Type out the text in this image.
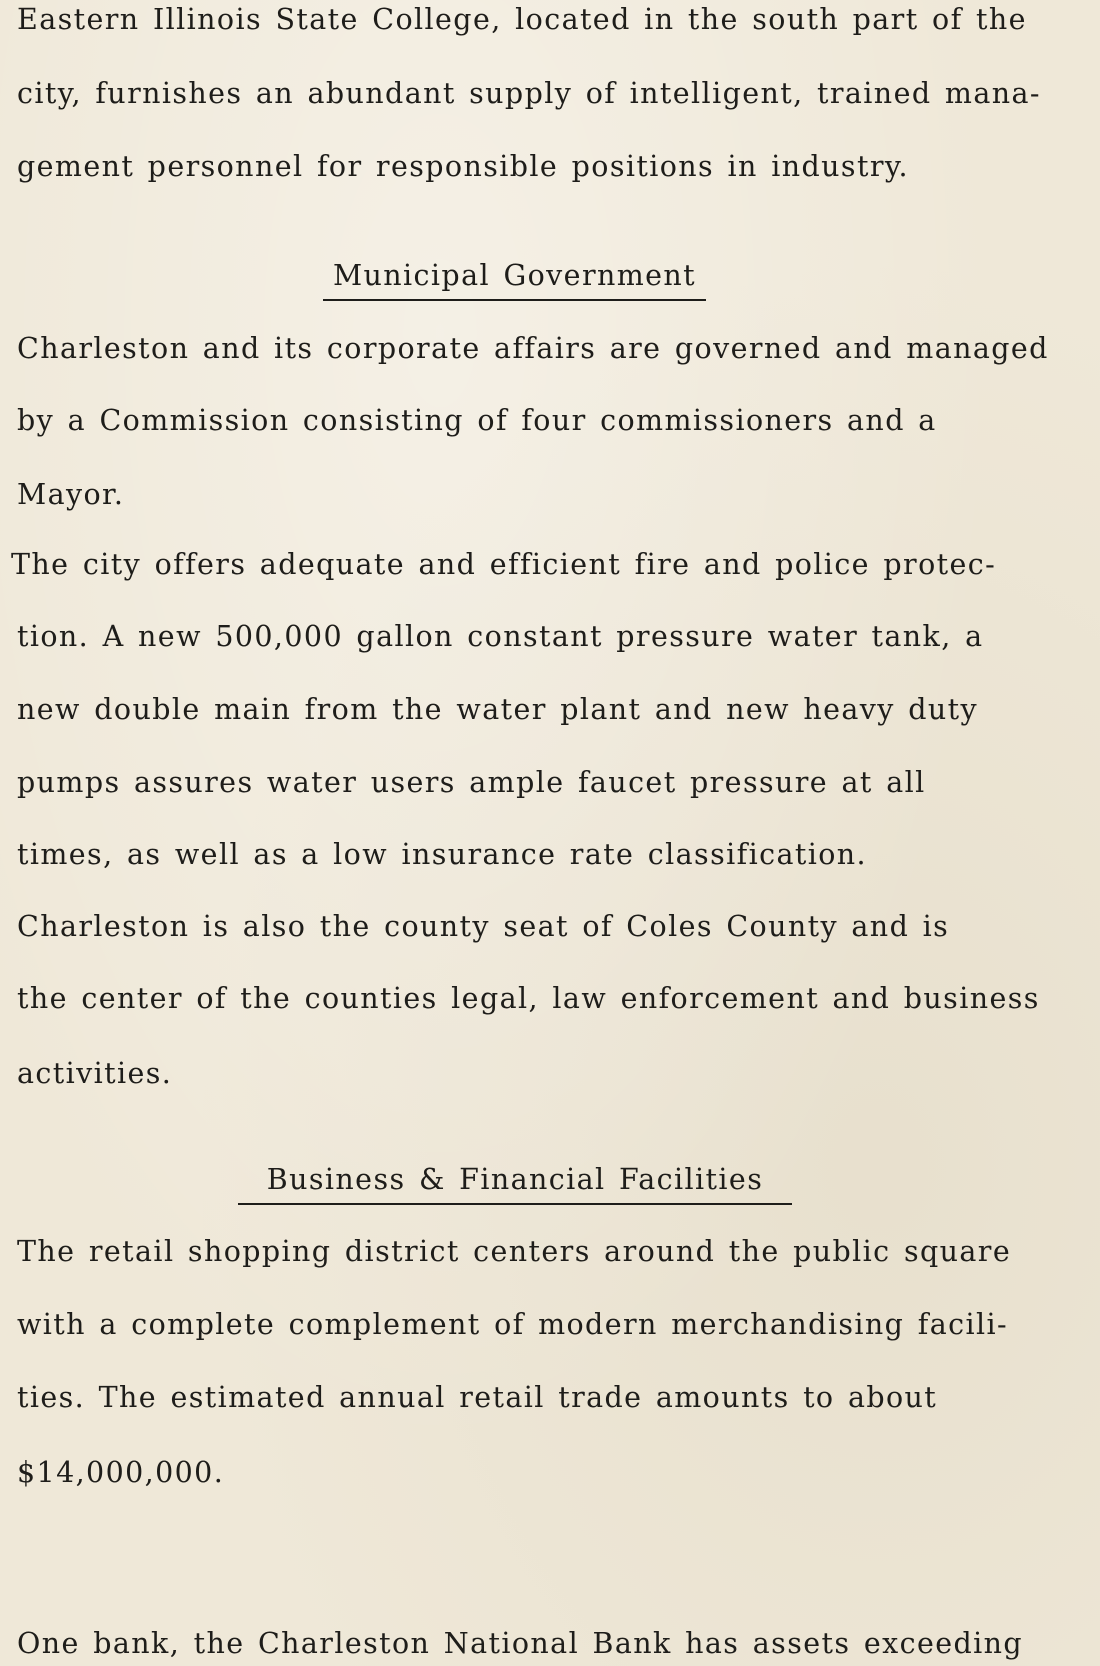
Eastern Illinois State College, located in the south part of the
city, furnishes an abundant supply of intelligent, trained mana-
gement personnel for responsible positions in industry.
Municipal Government
Charleston and its corporate affairs are governed and managed
by a Commission consisting of four commissioners and a
Mayor.
The city offers adequate and efficient fire and police protec-
tion. A new 500,000 gallon constant pressure water tank, a
new double main from the water plant and new heavy duty
pumps assures water users ample faucet pressure at all
times, as well as a low insurance rate classification.
Charleston is also the county seat of Coles County and is
the center of the counties legal, law enforcement and business
activities.
Business & Financial Facilities
The retail shopping district centers around the public square
with a complete complement of modern merchandising facili-
ties. The estimated annual retail trade amounts to about
$14,000,000.
One bank, the Charleston National Bank has assets exceeding
